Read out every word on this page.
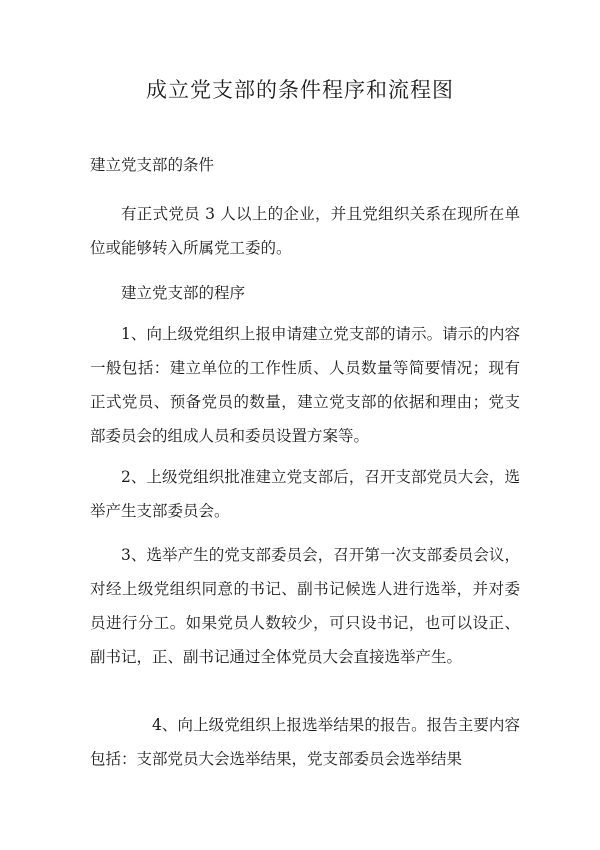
成立党支部的条件程序和流程图

建立党支部的条件

有正式党员 3 人以上的企业，并且党组织关系在现所在单位或能够转入所属党工委的。

建立党支部的程序

1、向上级党组织上报申请建立党支部的请示。请示的内容一般包括：建立单位的工作性质、人员数量等简要情况；现有正式党员、预备党员的数量，建立党支部的依据和理由；党支部委员会的组成人员和委员设置方案等。

2、上级党组织批准建立党支部后，召开支部党员大会，选举产生支部委员会。

3、选举产生的党支部委员会，召开第一次支部委员会议，对经上级党组织同意的书记、副书记候选人进行选举，并对委员进行分工。如果党员人数较少，可只设书记，也可以设正、副书记，正、副书记通过全体党员大会直接选举产生。

4、向上级党组织上报选举结果的报告。报告主要内容包括：支部党员大会选举结果，党支部委员会选举结果
